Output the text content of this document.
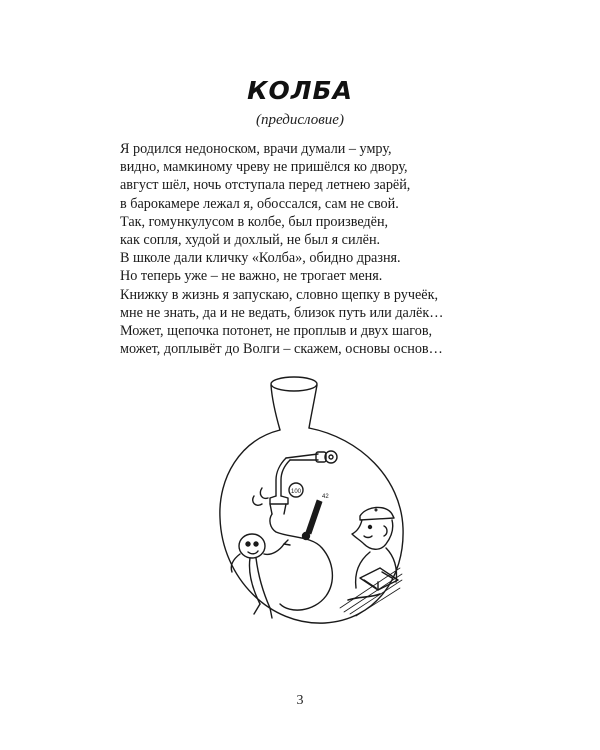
КОЛБА
(предисловие)
Я родился недоноском, врачи думали – умру,
видно, мамкиному чреву не пришёлся ко двору,
август шёл, ночь отступала перед летнею зарёй,
в барокамере лежал я, обоссался, сам не свой.
Так, гомункулусом в колбе, был произведён,
как сопля, худой и дохлый, не был я силён.
В школе дали кличку «Колба», обидно дразня.
Но теперь уже – не важно, не трогает меня.
Книжку в жизнь я запускаю, словно щепку в ручеёк,
мне не знать, да и не ведать, близок путь или далёк…
Может, щепочка потонет, не проплыв и двух шагов,
может, доплывёт до Волги – скажем, основы основ…
100
42
3
